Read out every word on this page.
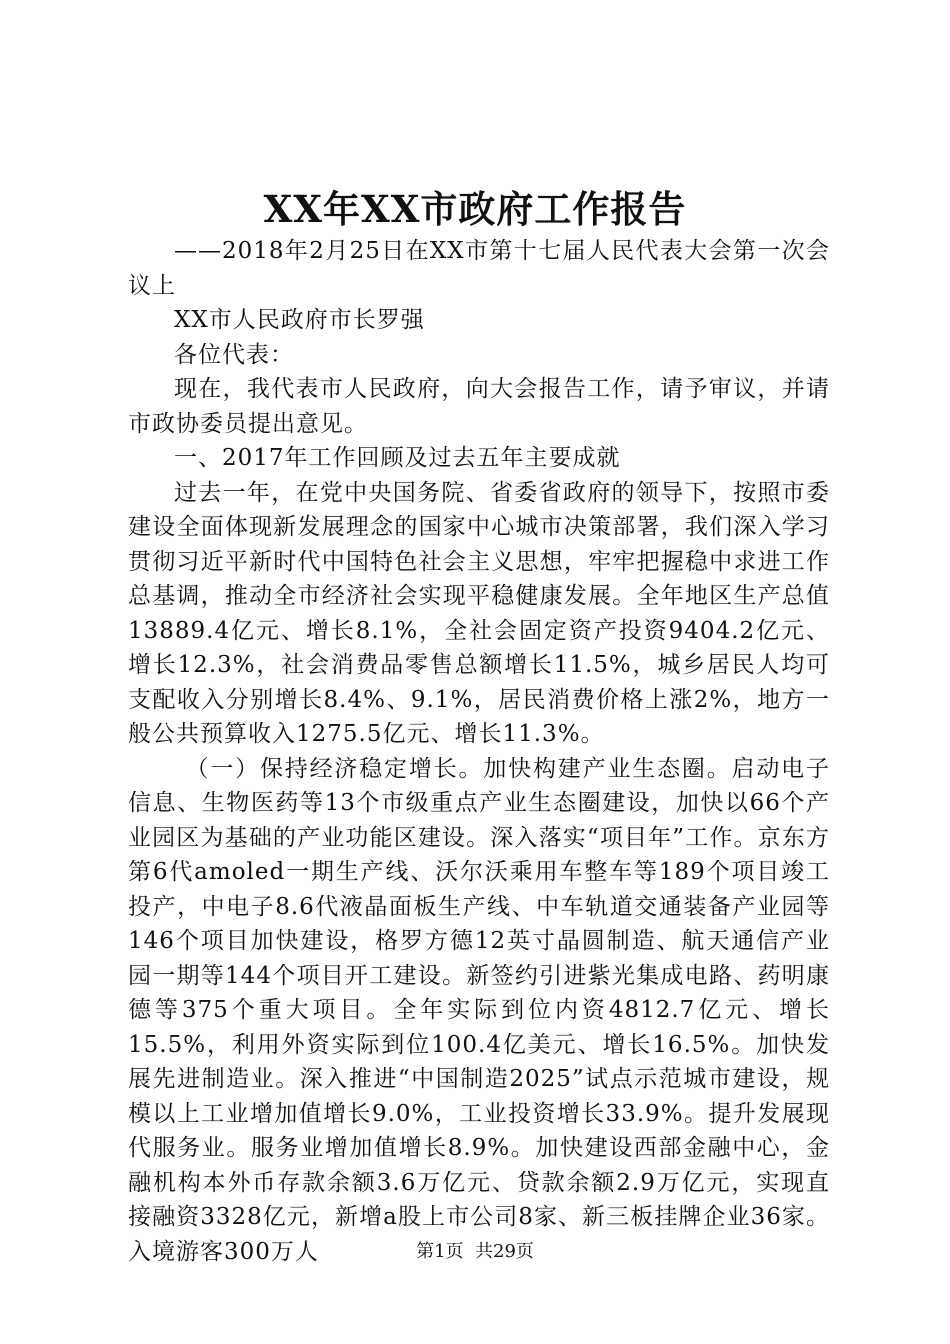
XX年XX市政府工作报告

——2018年2月25日在XX市第十七届人民代表大会第一次会议上

XX市人民政府市长罗强

各位代表：

现在，我代表市人民政府，向大会报告工作，请予审议，并请市政协委员提出意见。

一、2017年工作回顾及过去五年主要成就

过去一年，在党中央国务院、省委省政府的领导下，按照市委建设全面体现新发展理念的国家中心城市决策部署，我们深入学习贯彻习近平新时代中国特色社会主义思想，牢牢把握稳中求进工作总基调，推动全市经济社会实现平稳健康发展。全年地区生产总值13889.4亿元、增长8.1%，全社会固定资产投资9404.2亿元、增长12.3%，社会消费品零售总额增长11.5%，城乡居民人均可支配收入分别增长8.4%、9.1%，居民消费价格上涨2%，地方一般公共预算收入1275.5亿元、增长11.3%。

（一）保持经济稳定增长。加快构建产业生态圈。启动电子信息、生物医药等13个市级重点产业生态圈建设，加快以66个产业园区为基础的产业功能区建设。深入落实“项目年”工作。京东方第6代amoled一期生产线、沃尔沃乘用车整车等189个项目竣工投产，中电子8.6代液晶面板生产线、中车轨道交通装备产业园等146个项目加快建设，格罗方德12英寸晶圆制造、航天通信产业园一期等144个项目开工建设。新签约引进紫光集成电路、药明康德等375个重大项目。全年实际到位内资4812.7亿元、增长15.5%，利用外资实际到位100.4亿美元、增长16.5%。加快发展先进制造业。深入推进“中国制造2025”试点示范城市建设，规模以上工业增加值增长9.0%，工业投资增长33.9%。提升发展现代服务业。服务业增加值增长8.9%。加快建设西部金融中心，金融机构本外币存款余额3.6万亿元、贷款余额2.9万亿元，实现直接融资3328亿元，新增a股上市公司8家、新三板挂牌企业36家。入境游客300万人	第1页  共29页
